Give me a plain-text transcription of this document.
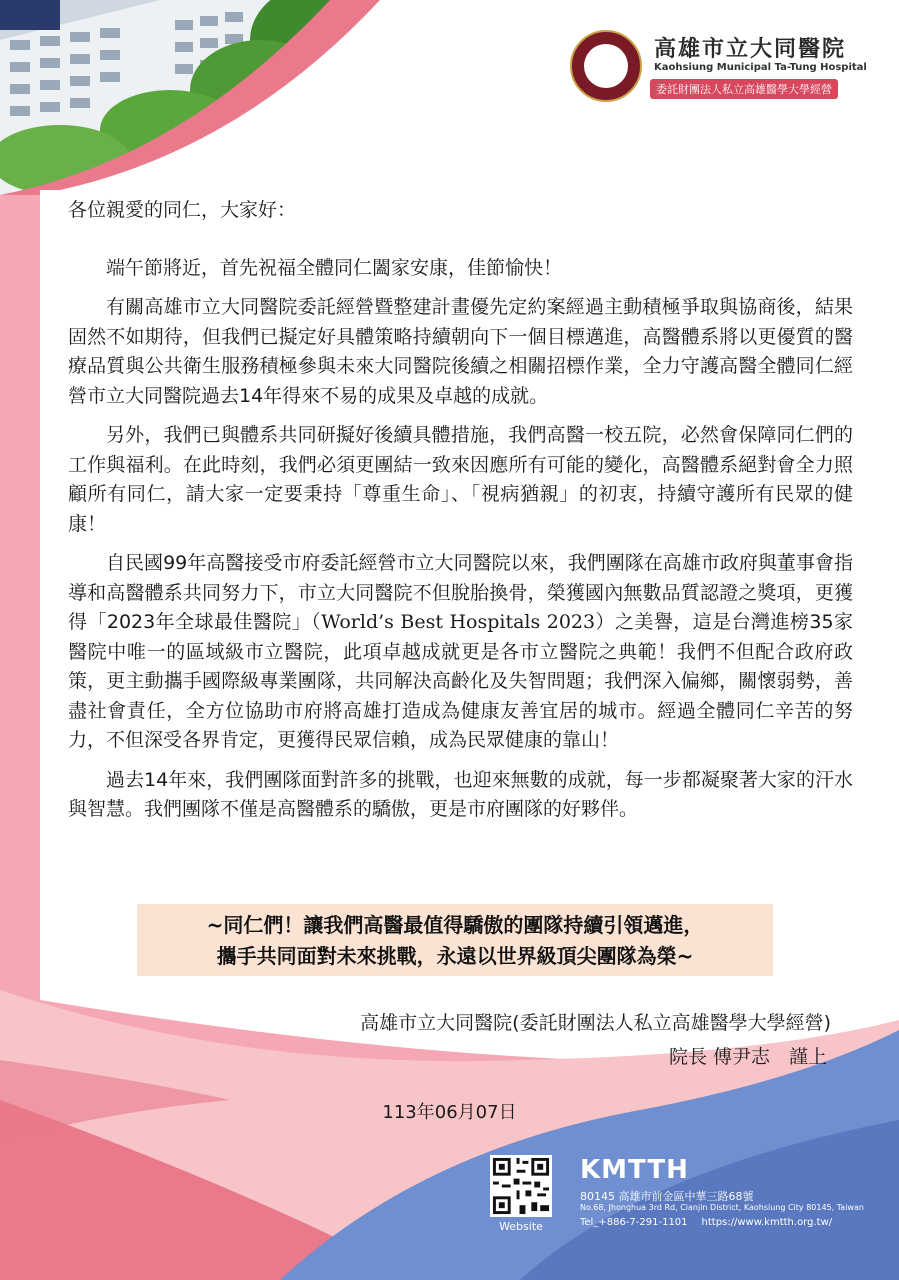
高雄市立大同醫院
Kaohsiung Municipal Ta-Tung Hospital
委託財團法人私立高雄醫學大學經營

各位親愛的同仁，大家好：

端午節將近，首先祝福全體同仁闔家安康，佳節愉快！

有關高雄市立大同醫院委託經營暨整建計畫優先定約案經過主動積極爭取與協商後，結果固然不如期待，但我們已擬定好具體策略持續朝向下一個目標邁進，高醫體系將以更優質的醫療品質與公共衛生服務積極參與未來大同醫院後續之相關招標作業，全力守護高醫全體同仁經營市立大同醫院過去14年得來不易的成果及卓越的成就。

另外，我們已與體系共同研擬好後續具體措施，我們高醫一校五院，必然會保障同仁們的工作與福利。在此時刻，我們必須更團結一致來因應所有可能的變化，高醫體系絕對會全力照顧所有同仁，請大家一定要秉持「尊重生命」、「視病猶親」的初衷，持續守護所有民眾的健康！

自民國99年高醫接受市府委託經營市立大同醫院以來，我們團隊在高雄市政府與董事會指導和高醫體系共同努力下，市立大同醫院不但脫胎換骨，榮獲國內無數品質認證之獎項，更獲得「2023年全球最佳醫院」（World’s Best Hospitals 2023）之美譽，這是台灣進榜35家醫院中唯一的區域級市立醫院，此項卓越成就更是各市立醫院之典範！我們不但配合政府政策，更主動攜手國際級專業團隊，共同解決高齡化及失智問題；我們深入偏鄉，關懷弱勢，善盡社會責任，全方位協助市府將高雄打造成為健康友善宜居的城市。經過全體同仁辛苦的努力，不但深受各界肯定，更獲得民眾信賴，成為民眾健康的靠山！

過去14年來，我們團隊面對許多的挑戰，也迎來無數的成就，每一步都凝聚著大家的汗水與智慧。我們團隊不僅是高醫體系的驕傲，更是市府團隊的好夥伴。

~同仁們！讓我們高醫最值得驕傲的團隊持續引領邁進，
攜手共同面對未來挑戰，永遠以世界級頂尖團隊為榮~
高雄市立大同醫院(委託財團法人私立高雄醫學大學經營)
院長 傅尹志　謹上
113年06月07日
Website
KMTTH
80145 高雄市前金區中華三路68號
No.68, Jhonghua 3rd Rd, Cianjin District, Kaohsiung City 80145, Taiwan
Tel_+886-7-291-1101 https://www.kmtth.org.tw/
